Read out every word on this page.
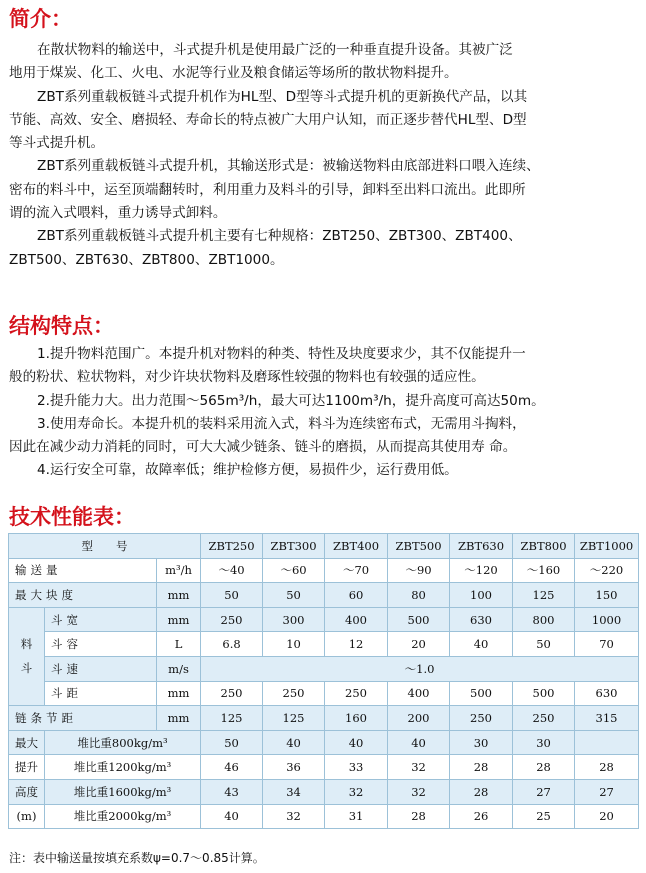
简介：
在散状物料的输送中，斗式提升机是使用最广泛的一种垂直提升设备。其被广泛
地用于煤炭、化工、火电、水泥等行业及粮食储运等场所的散状物料提升。
ZBT系列重载板链斗式提升机作为HL型、D型等斗式提升机的更新换代产品，以其
节能、高效、安全、磨损轻、寿命长的特点被广大用户认知，而正逐步替代HL型、D型
等斗式提升机。
ZBT系列重载板链斗式提升机，其输送形式是：被输送物料由底部进料口喂入连续、
密布的料斗中，运至顶端翻转时，利用重力及料斗的引导，卸料至出料口流出。此即所
谓的流入式喂料，重力诱导式卸料。
ZBT系列重载板链斗式提升机主要有七种规格：ZBT250、ZBT300、ZBT400、
ZBT500、ZBT630、ZBT800、ZBT1000。
结构特点：
1.提升物料范围广。本提升机对物料的种类、特性及块度要求少，其不仅能提升一
般的粉状、粒状物料，对少许块状物料及磨琢性较强的物料也有较强的适应性。
2.提升能力大。出力范围～565m³/h，最大可达1100m³/h，提升高度可高达50m。
3.使用寿命长。本提升机的装料采用流入式，料斗为连续密布式，无需用斗掏料，
因此在减少动力消耗的同时，可大大减少链条、链斗的磨损，从而提高其使用寿 命。
4.运行安全可靠，故障率低；维护检修方便，易损件少，运行费用低。
技术性能表：
型　　号			ZBT250	ZBT300	ZBT400	ZBT500	ZBT630	ZBT800	ZBT1000
输送量		m³/h	～40	～60	～70	～90	～120	～160	～220
最大块度		mm	50	50	60	80	100	125	150

料
斗	斗宽	mm	250	300	400	500	630	800	1000
	斗容	L	6.8	10	12	20	40	50	70
	斗速	m/s	～1.0						
	斗距	mm	250	250	250	400	500	500	630
链条节距		mm	125	125	160	200	250	250	315
最大	堆比重800kg/m³		50	40	40	40	30	30	
提升	堆比重1200kg/m³		46	36	33	32	28	28	28
高度	堆比重1600kg/m³		43	34	32	32	28	27	27
(m)	堆比重2000kg/m³		40	32	31	28	26	25	20
注：表中输送量按填充系数ψ=0.7～0.85计算。
